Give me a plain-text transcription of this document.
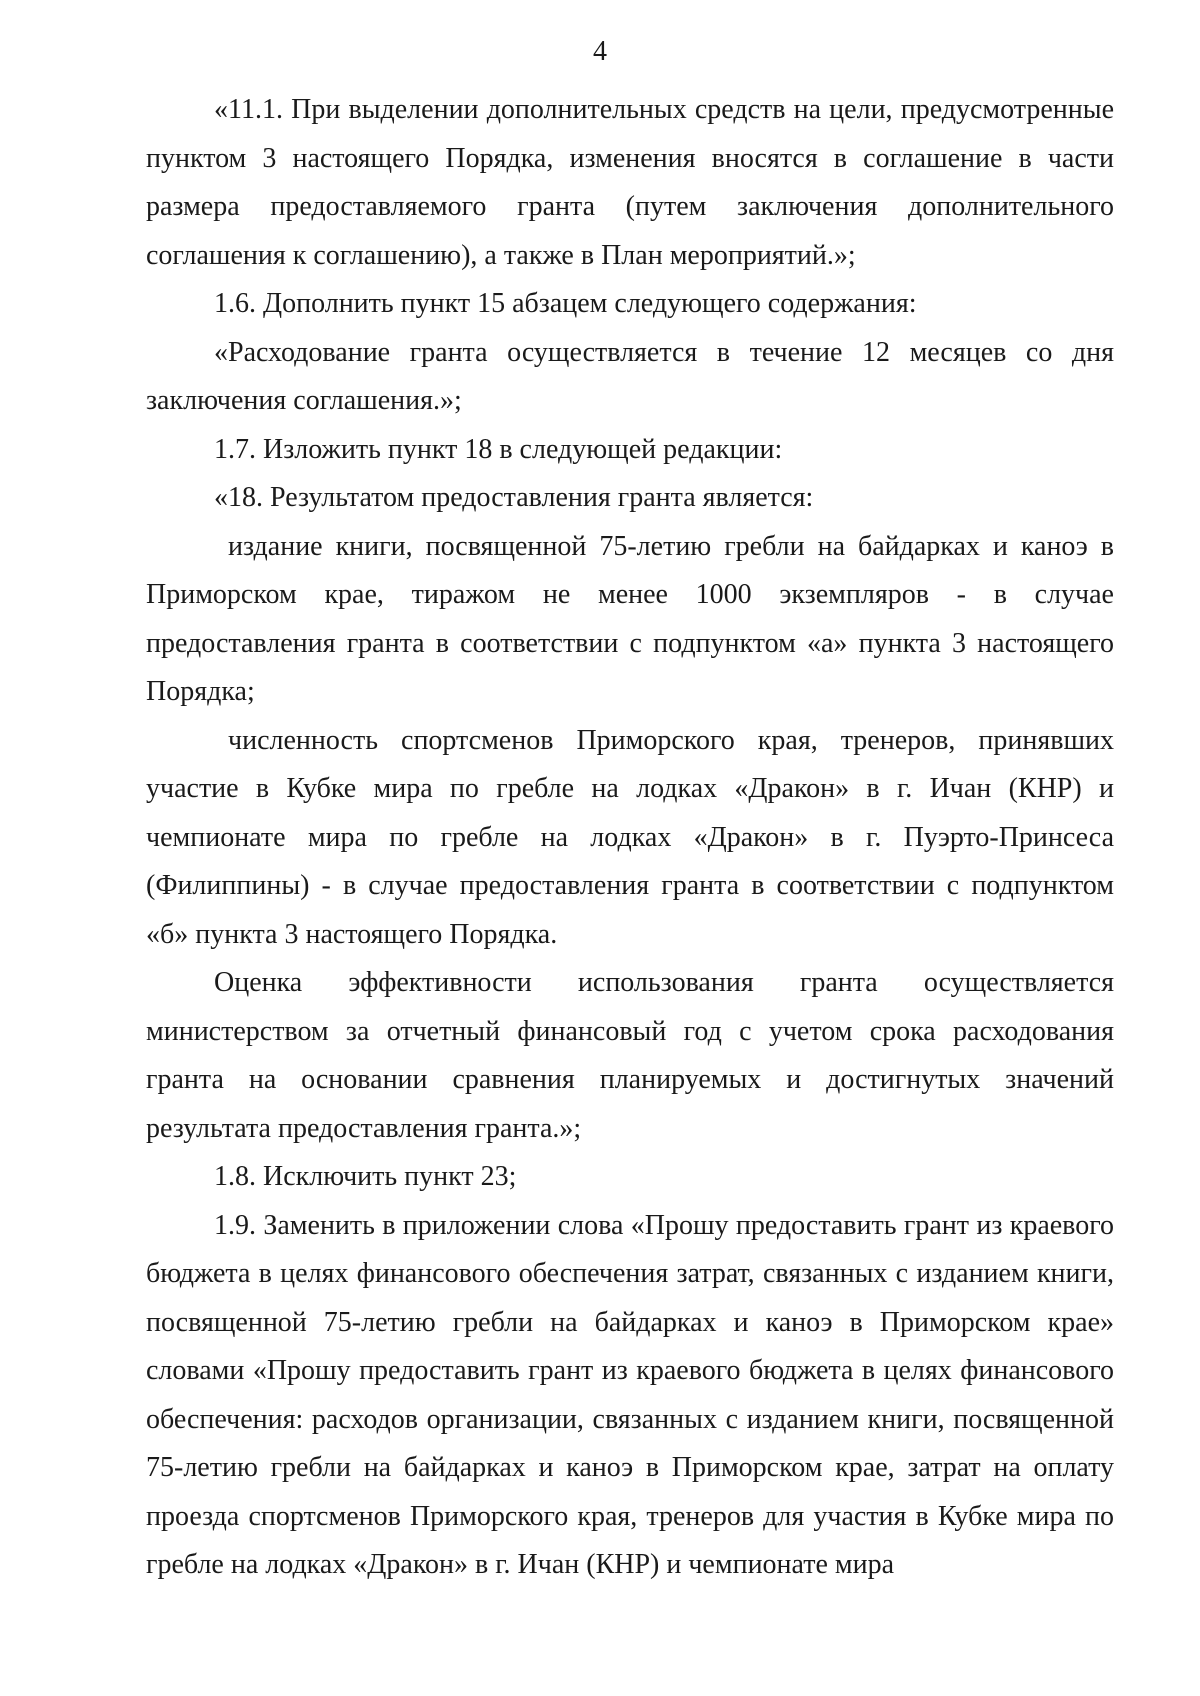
4

«11.1. При выделении дополнительных средств на цели, предусмотренные пунктом 3 настоящего Порядка, изменения вносятся в соглашение в части размера предоставляемого гранта (путем заключения дополнительного соглашения к соглашению), а также в План мероприятий.»;

1.6. Дополнить пункт 15 абзацем следующего содержания:

«Расходование гранта осуществляется в течение 12 месяцев со дня заключения соглашения.»;

1.7. Изложить пункт 18 в следующей редакции:

«18. Результатом предоставления гранта является:

издание книги, посвященной 75-летию гребли на байдарках и каноэ в Приморском крае, тиражом не менее 1000 экземпляров - в случае предоставления гранта в соответствии с подпунктом «а» пункта 3 настоящего Порядка;

численность спортсменов Приморского края, тренеров, принявших участие в Кубке мира по гребле на лодках «Дракон» в г. Ичан (КНР) и чемпионате мира по гребле на лодках «Дракон» в г. Пуэрто-Принсеса (Филиппины) - в случае предоставления гранта в соответствии с подпунктом «б» пункта 3 настоящего Порядка.

Оценка эффективности использования гранта осуществляется министерством за отчетный финансовый год с учетом срока расходования гранта на основании сравнения планируемых и достигнутых значений результата предоставления гранта.»;

1.8. Исключить пункт 23;

1.9. Заменить в приложении слова «Прошу предоставить грант из краевого бюджета в целях финансового обеспечения затрат, связанных с изданием книги, посвященной 75-летию гребли на байдарках и каноэ в Приморском крае» словами «Прошу предоставить грант из краевого бюджета в целях финансового обеспечения: расходов организации, связанных с изданием книги, посвященной 75-летию гребли на байдарках и каноэ в Приморском крае, затрат на оплату проезда спортсменов Приморского края, тренеров для участия в Кубке мира по гребле на лодках «Дракон» в г. Ичан (КНР) и чемпионате мира
